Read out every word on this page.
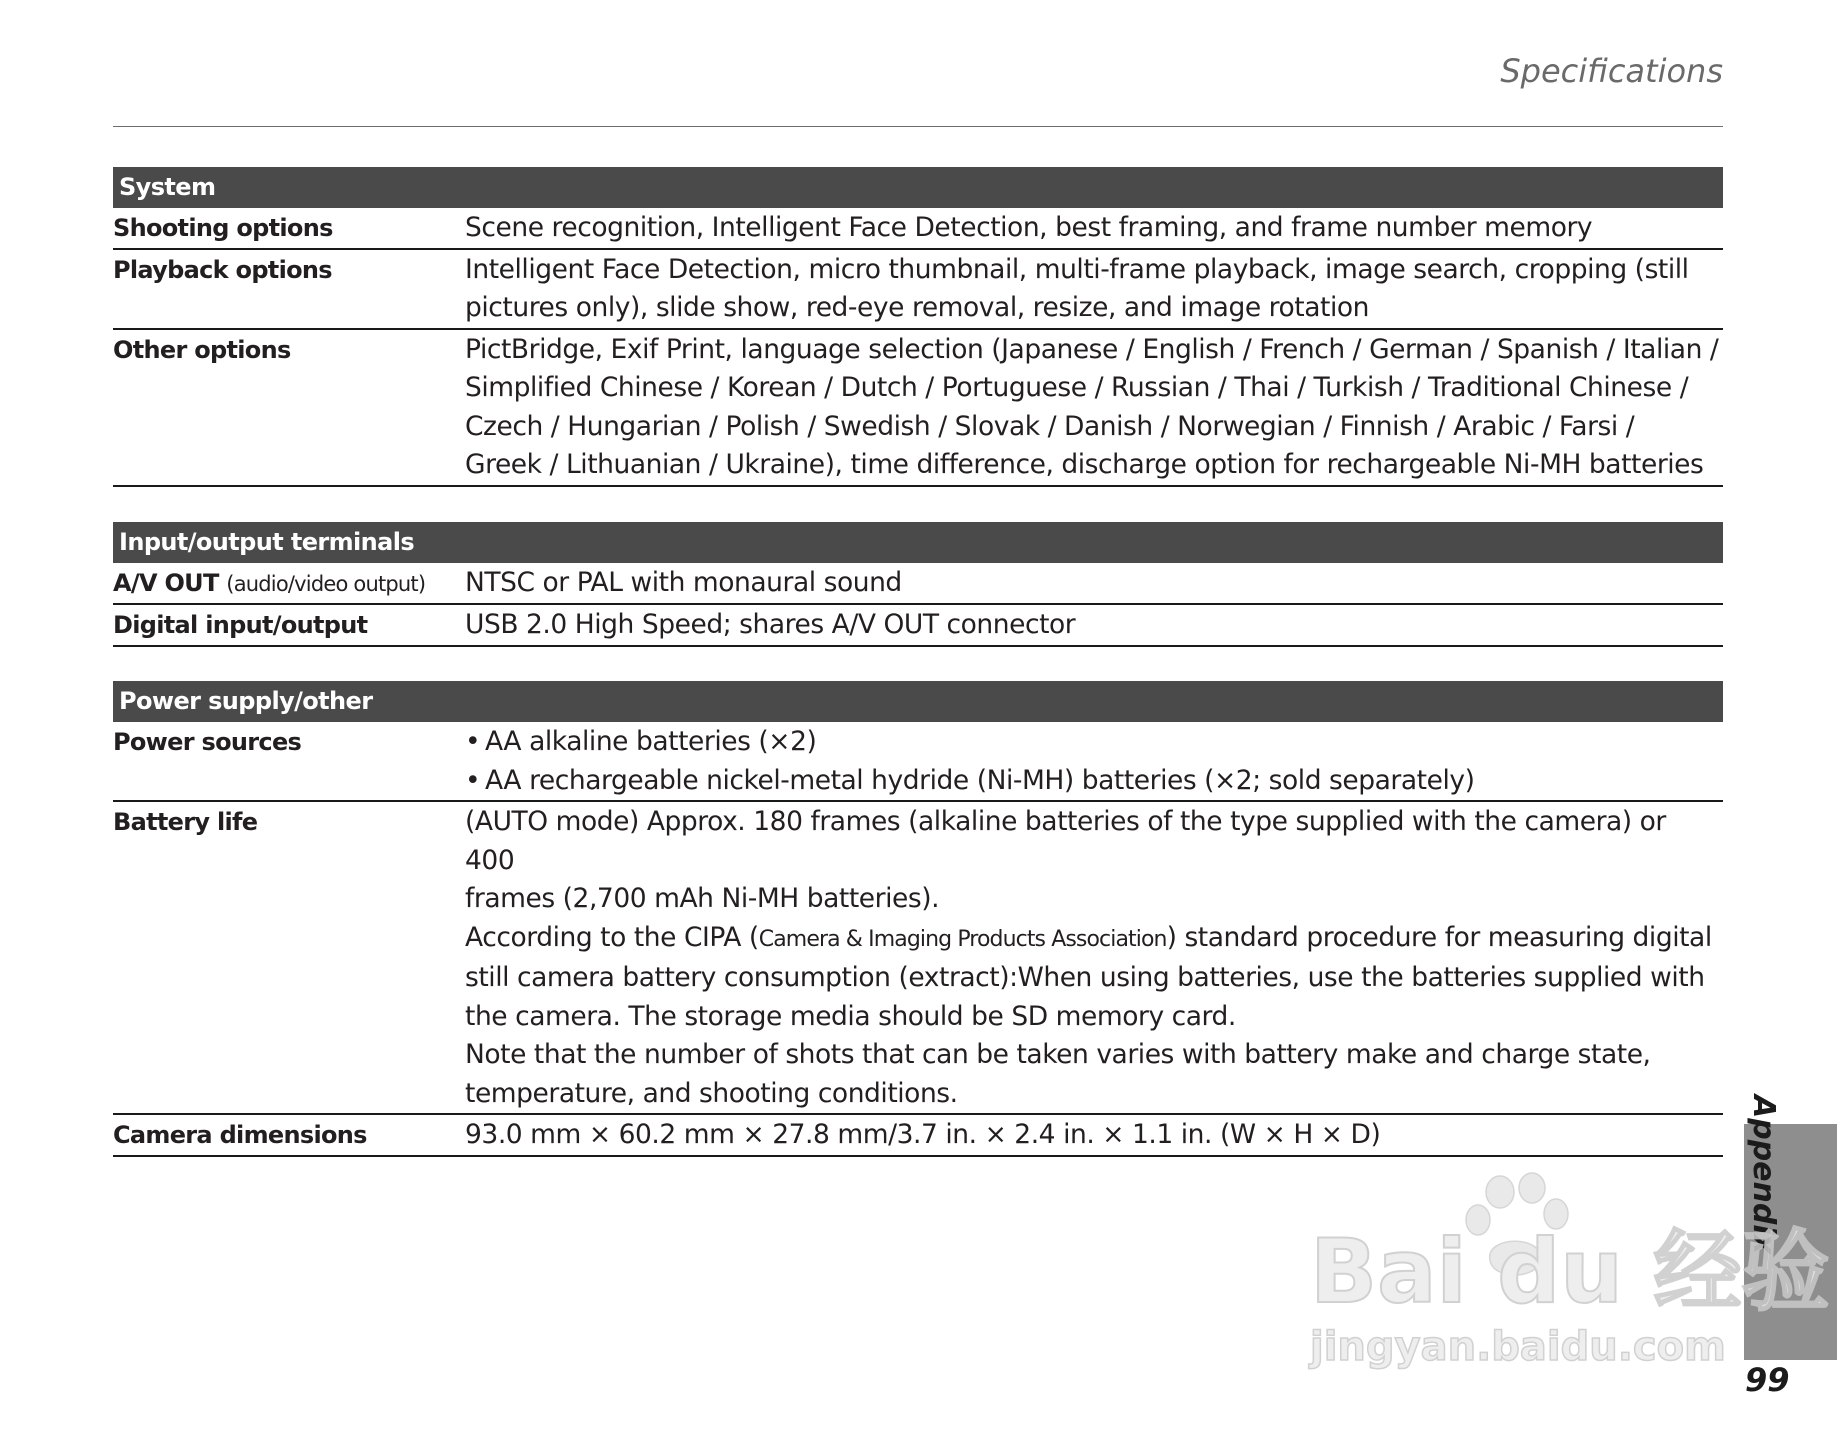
Specifications
System
Shooting options	Scene recognition, Intelligent Face Detection, best framing, and frame number memory

Playback options	Intelligent Face Detection, micro thumbnail, multi-frame playback, image search, cropping (still

pictures only), slide show, red-eye removal, resize, and image rotation

Other options	PictBridge, Exif Print, language selection (Japanese / English / French / German / Spanish / Italian /

Simplified Chinese / Korean / Dutch / Portuguese / Russian / Thai / Turkish / Traditional Chinese /

Czech / Hungarian / Polish / Swedish / Slovak / Danish / Norwegian / Finnish / Arabic / Farsi /

Greek / Lithuanian / Ukraine), time difference, discharge option for rechargeable Ni-MH batteries

Input/output terminals
A/V OUT (audio/video output)	NTSC or PAL with monaural sound

Digital input/output	USB 2.0 High Speed; shares A/V OUT connector

Power supply/other
Power sources	• AA alkaline batteries (×2)
• AA rechargeable nickel-metal hydride (Ni-MH) batteries (×2; sold separately)
Battery life	(AUTO mode) Approx. 180 frames (alkaline batteries of the type supplied with the camera) or 400

frames (2,700 mAh Ni-MH batteries).

According to the CIPA (Camera & Imaging Products Association) standard procedure for measuring digital

still camera battery consumption (extract):When using batteries, use the batteries supplied with

the camera. The storage media should be SD memory card.

Note that the number of shots that can be taken varies with battery make and charge state,

temperature, and shooting conditions.

Camera dimensions	93.0 mm × 60.2 mm × 27.8 mm/3.7 in. × 2.4 in. × 1.1 in. (W × H × D)	Appendix
99
Bai du 经验
jingyan.baidu.com
